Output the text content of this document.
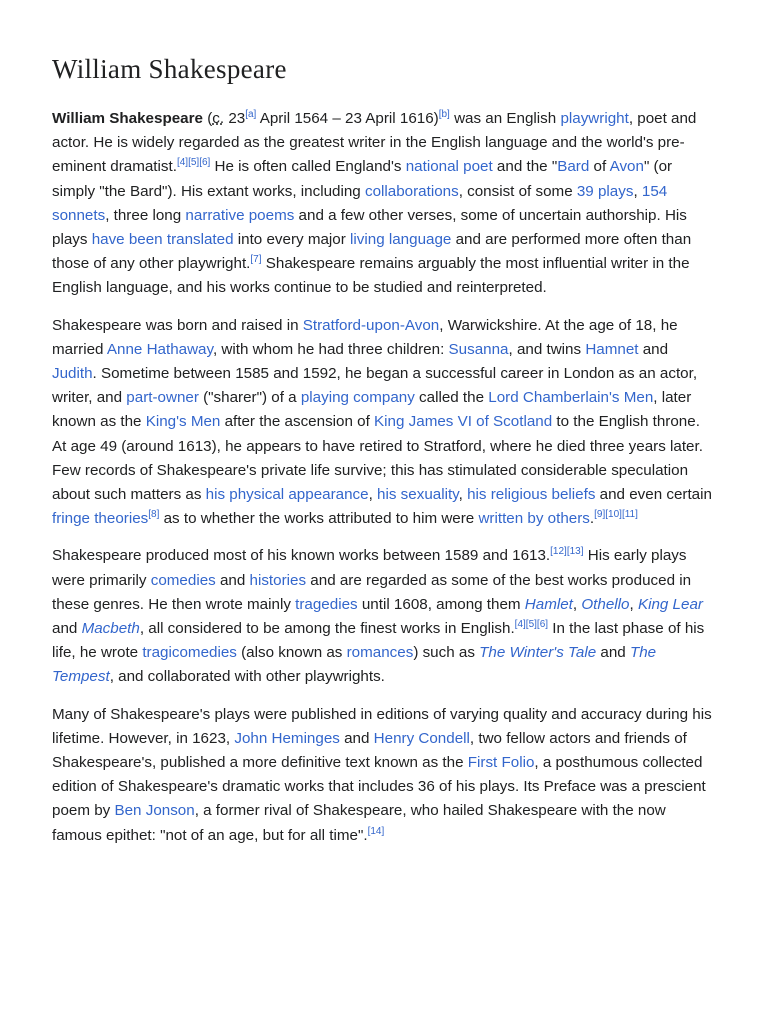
William Shakespeare

William Shakespeare (c. 23[a] April 1564 – 23 April 1616)[b] was an English playwright, poet and actor. He is widely regarded as the greatest writer in the English language and the world's pre-eminent dramatist.[4][5][6] He is often called England's national poet and the "Bard of Avon" (or simply "the Bard"). His extant works, including collaborations, consist of some 39 plays, 154 sonnets, three long narrative poems and a few other verses, some of uncertain authorship. His plays have been translated into every major living language and are performed more often than those of any other playwright.[7] Shakespeare remains arguably the most influential writer in the English language, and his works continue to be studied and reinterpreted.

Shakespeare was born and raised in Stratford-upon-Avon, Warwickshire. At the age of 18, he married Anne Hathaway, with whom he had three children: Susanna, and twins Hamnet and Judith. Sometime between 1585 and 1592, he began a successful career in London as an actor, writer, and part-owner ("sharer") of a playing company called the Lord Chamberlain's Men, later known as the King's Men after the ascension of King James VI of Scotland to the English throne. At age 49 (around 1613), he appears to have retired to Stratford, where he died three years later. Few records of Shakespeare's private life survive; this has stimulated considerable speculation about such matters as his physical appearance, his sexuality, his religious beliefs and even certain fringe theories[8] as to whether the works attributed to him were written by others.[9][10][11]

Shakespeare produced most of his known works between 1589 and 1613.[12][13] His early plays were primarily comedies and histories and are regarded as some of the best works produced in these genres. He then wrote mainly tragedies until 1608, among them Hamlet, Othello, King Lear and Macbeth, all considered to be among the finest works in English.[4][5][6] In the last phase of his life, he wrote tragicomedies (also known as romances) such as The Winter's Tale and The Tempest, and collaborated with other playwrights.

Many of Shakespeare's plays were published in editions of varying quality and accuracy during his lifetime. However, in 1623, John Heminges and Henry Condell, two fellow actors and friends of Shakespeare's, published a more definitive text known as the First Folio, a posthumous collected edition of Shakespeare's dramatic works that includes 36 of his plays. Its Preface was a prescient poem by Ben Jonson, a former rival of Shakespeare, who hailed Shakespeare with the now famous epithet: "not of an age, but for all time".[14]
